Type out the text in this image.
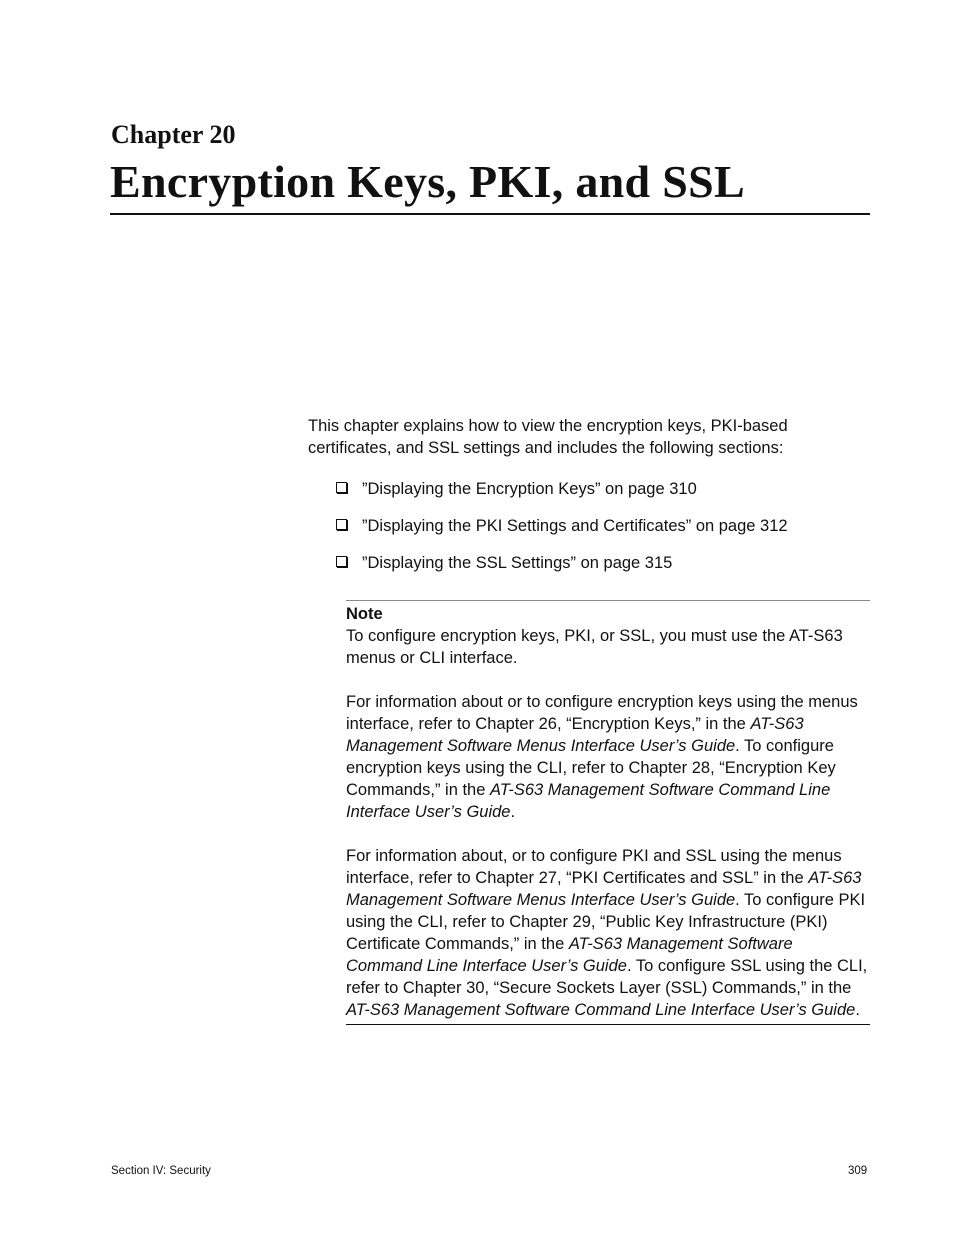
Chapter 20
Encryption Keys, PKI, and SSL

This chapter explains how to view the encryption keys, PKI-based certificates, and SSL settings and includes the following sections:

”Displaying the Encryption Keys” on page 310
”Displaying the PKI Settings and Certificates” on page 312
”Displaying the SSL Settings” on page 315
Note

To configure encryption keys, PKI, or SSL, you must use the AT-S63 menus or CLI interface.

For information about or to configure encryption keys using the menus interface, refer to Chapter 26, “Encryption Keys,” in the AT-S63 Management Software Menus Interface User’s Guide. To configure encryption keys using the CLI, refer to Chapter 28, “Encryption Key Commands,” in the AT-S63 Management Software Command Line Interface User’s Guide.

For information about, or to configure PKI and SSL using the menus interface, refer to Chapter 27, “PKI Certificates and SSL” in the AT-S63 Management Software Menus Interface User’s Guide. To configure PKI using the CLI, refer to Chapter 29, “Public Key Infrastructure (PKI) Certificate Commands,” in the AT-S63 Management Software Command Line Interface User’s Guide. To configure SSL using the CLI, refer to Chapter 30, “Secure Sockets Layer (SSL) Commands,” in the AT-S63 Management Software Command Line Interface User’s Guide.

Section IV: Security	309
